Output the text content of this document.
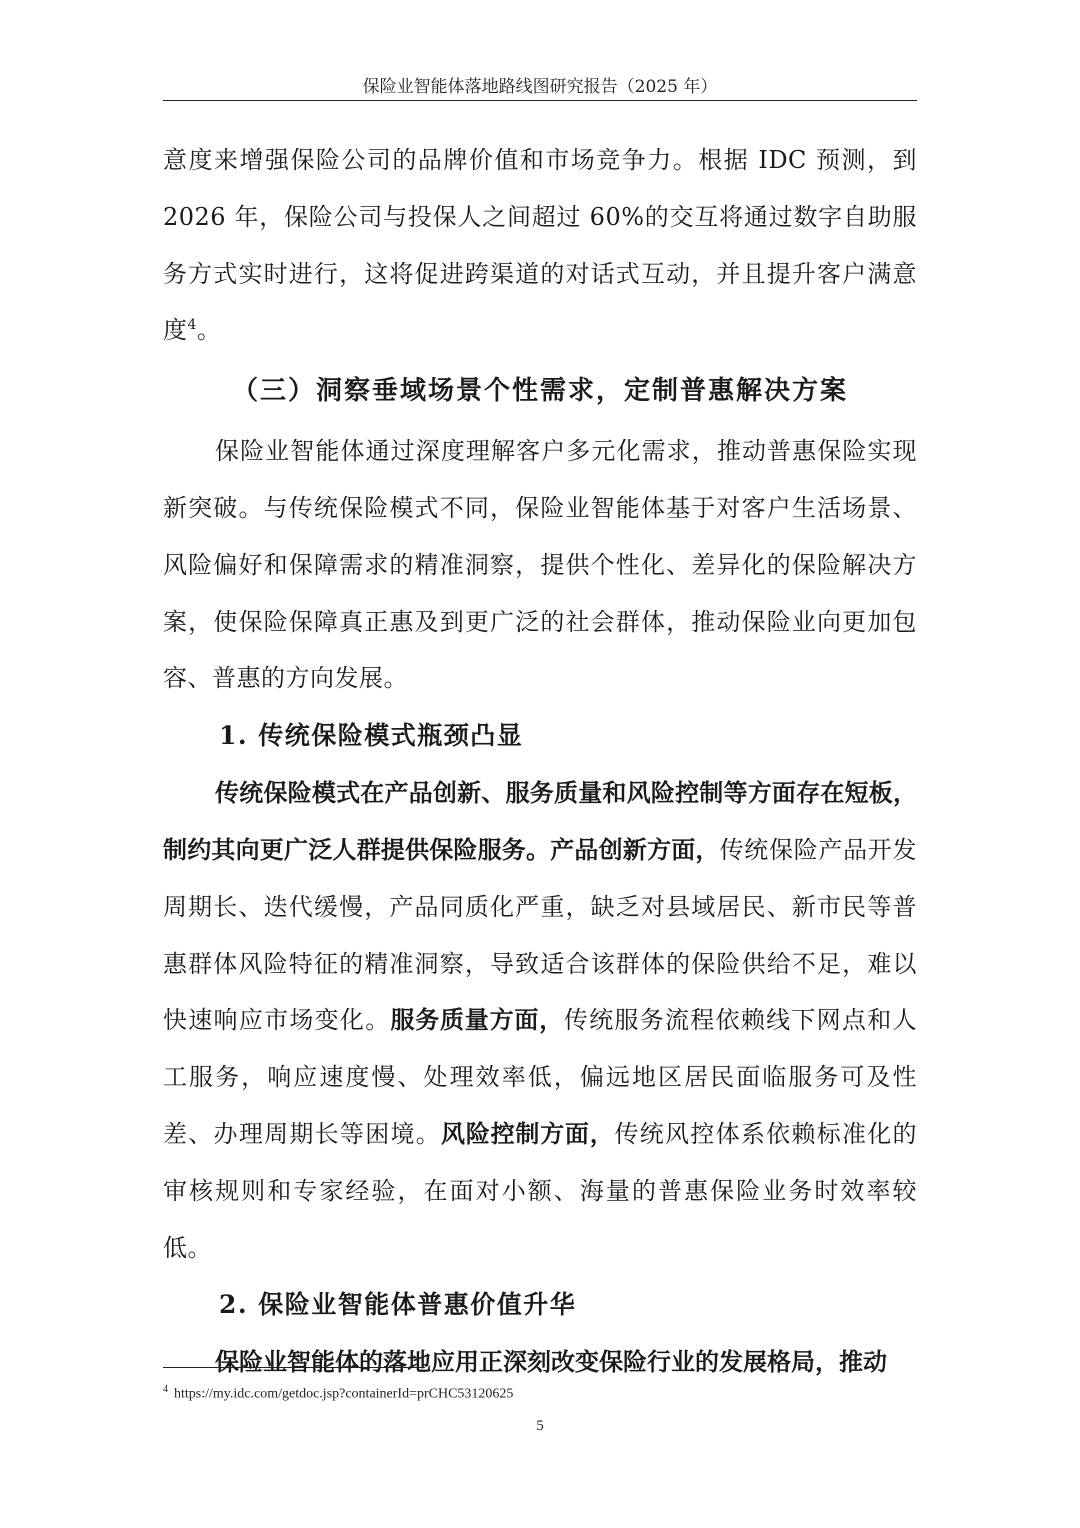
保险业智能体落地路线图研究报告（2025 年）

意度来增强保险公司的品牌价值和市场竞争力。根据 IDC 预测，到 2026 年，保险公司与投保人之间超过 60%的交互将通过数字自助服务方式实时进行，这将促进跨渠道的对话式互动，并且提升客户满意度$^4$。

（三）洞察垂域场景个性需求，定制普惠解决方案

保险业智能体通过深度理解客户多元化需求，推动普惠保险实现新突破。与传统保险模式不同，保险业智能体基于对客户生活场景、风险偏好和保障需求的精准洞察，提供个性化、差异化的保险解决方案，使保险保障真正惠及到更广泛的社会群体，推动保险业向更加包容、普惠的方向发展。

1. 传统保险模式瓶颈凸显

传统保险模式在产品创新、服务质量和风险控制等方面存在短板，制约其向更广泛人群提供保险服务。产品创新方面，传统保险产品开发周期长、迭代缓慢，产品同质化严重，缺乏对县域居民、新市民等普惠群体风险特征的精准洞察，导致适合该群体的保险供给不足，难以快速响应市场变化。服务质量方面，传统服务流程依赖线下网点和人工服务，响应速度慢、处理效率低，偏远地区居民面临服务可及性差、办理周期长等困境。风险控制方面，传统风控体系依赖标准化的审核规则和专家经验，在面对小额、海量的普惠保险业务时效率较低。

2. 保险业智能体普惠价值升华

保险业智能体的落地应用正深刻改变保险行业的发展格局，推动

$^4$ https://my.idc.com/getdoc.jsp?containerId=prCHC53120625
5
